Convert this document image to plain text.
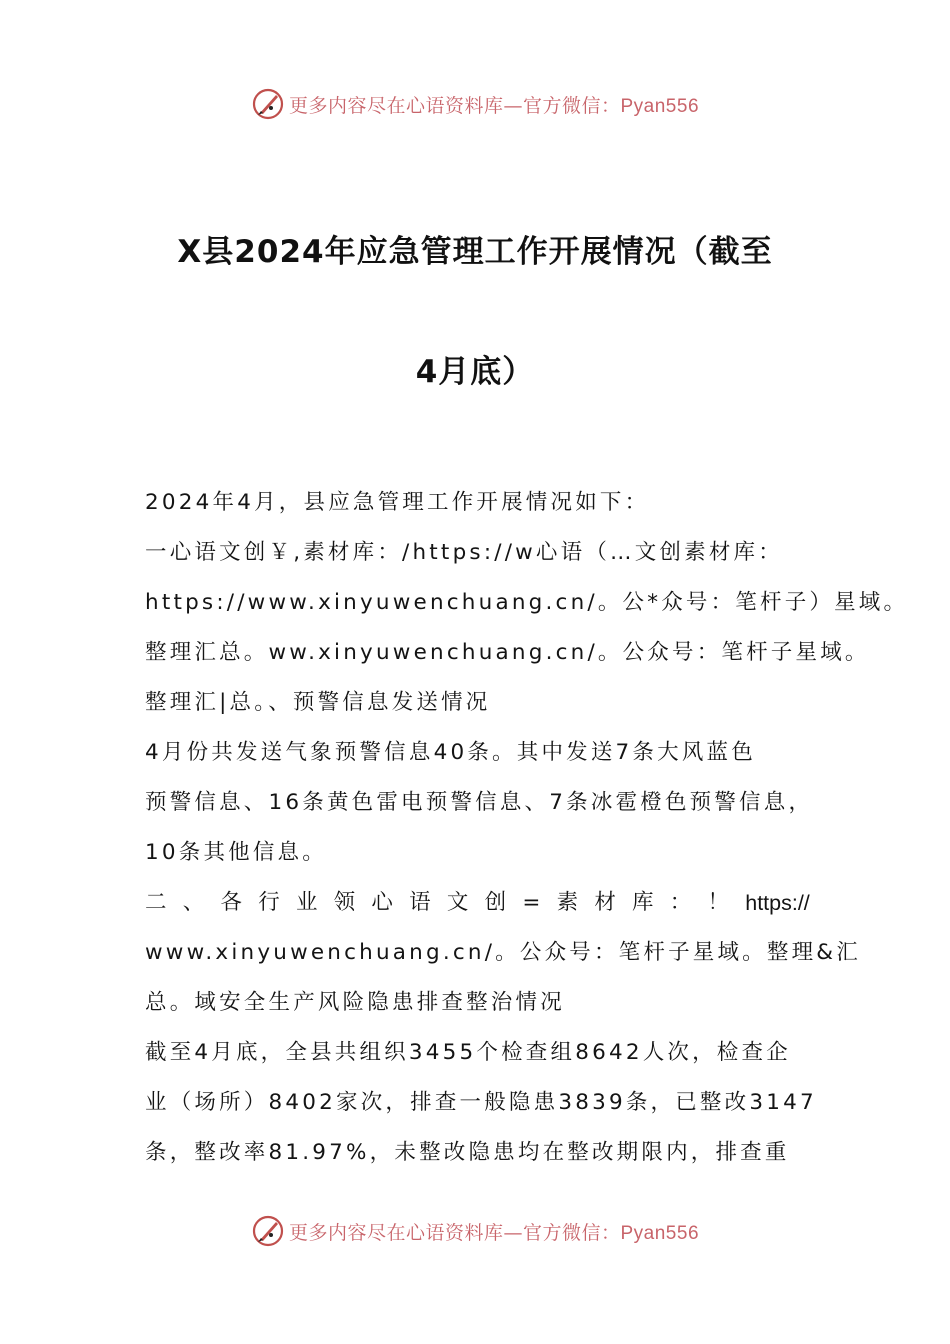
更多内容尽在心语资料库—官方微信：Pyan556
X县2024年应急管理工作开展情况（截至
4月底）
2024年4月，县应急管理工作开展情况如下：
一心语文创￥,素材库：/https://w心语（…文创素材库：
https://www.xinyuwenchuang.cn/。公*众号：笔杆子）星域。
整理汇总。ww.xinyuwenchuang.cn/。公众号：笔杆子星域。
整理汇|总。、预警信息发送情况
4月份共发送气象预警信息40条。其中发送7条大风蓝色
预警信息、16条黄色雷电预警信息、7条冰雹橙色预警信息，
10条其他信息。
二 、 各 行 业 领 心 语 文 创 = 素 材 库 ： ！ https://
www.xinyuwenchuang.cn/。公众号：笔杆子星域。整理&汇
总。域安全生产风险隐患排查整治情况
截至4月底，全县共组织3455个检查组8642人次，检查企
业（场所）8402家次，排查一般隐患3839条，已整改3147
条，整改率81.97%，未整改隐患均在整改期限内，排查重
更多内容尽在心语资料库—官方微信：Pyan556
